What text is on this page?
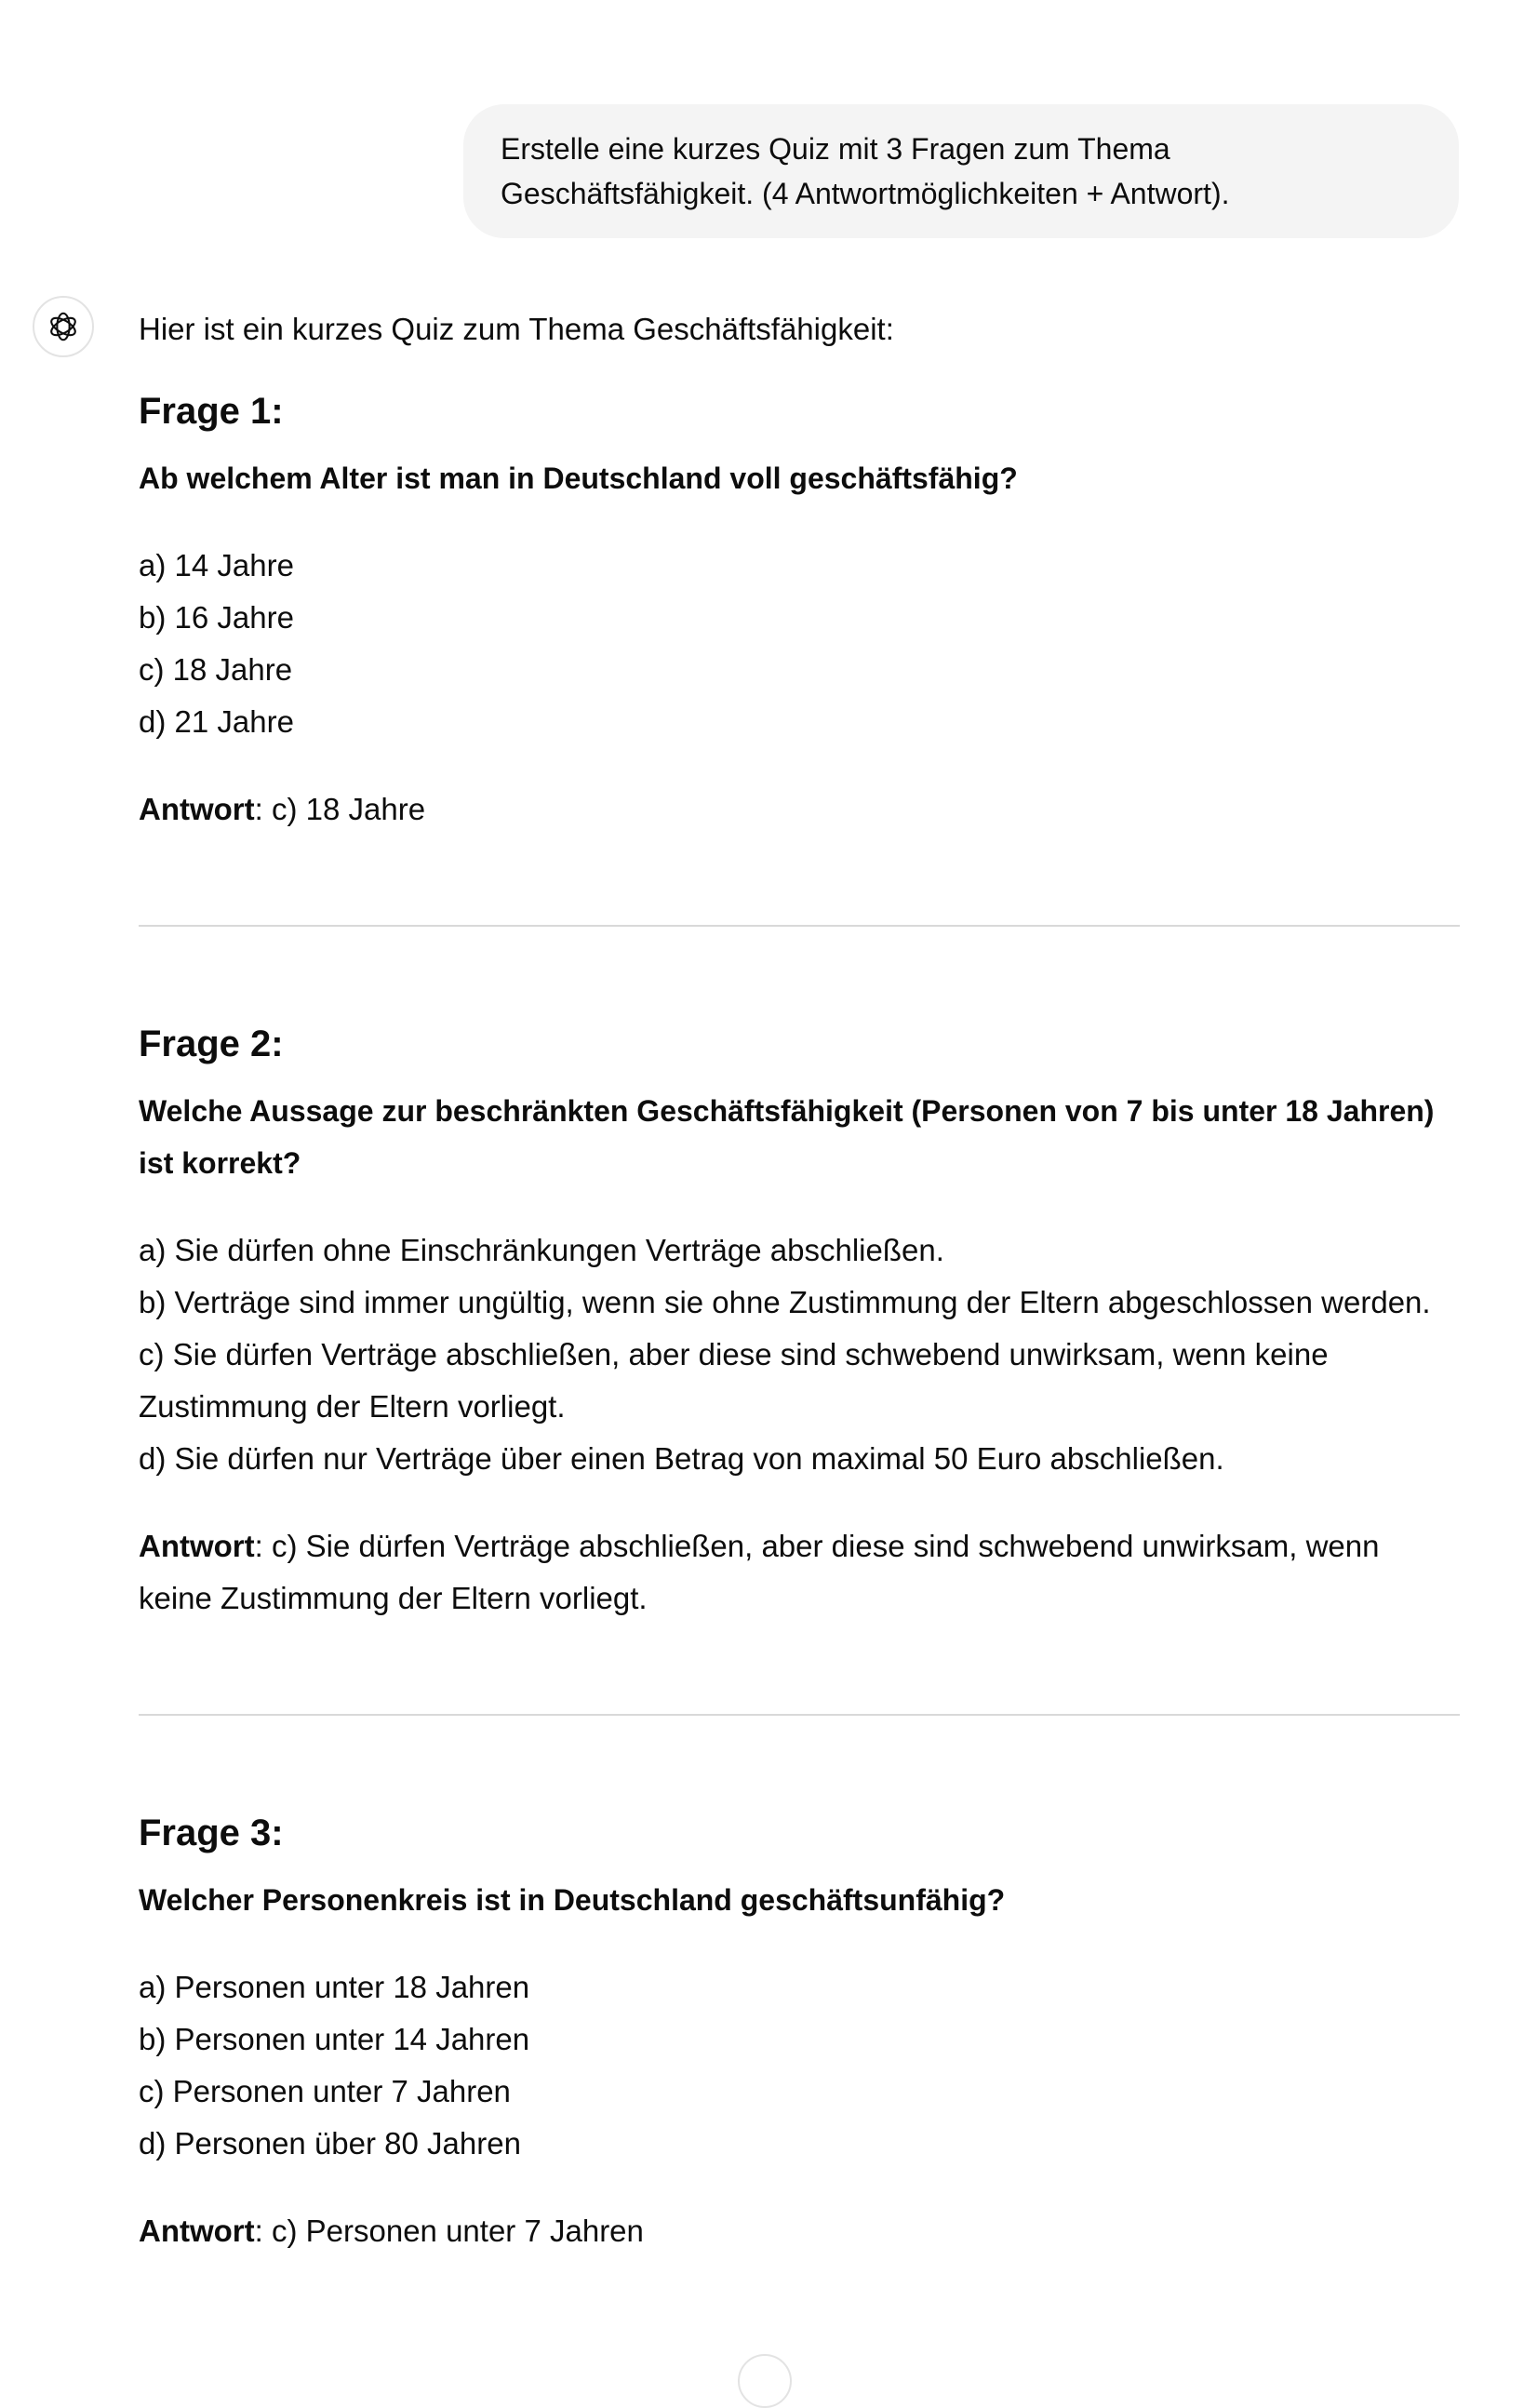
Erstelle eine kurzes Quiz mit 3 Fragen zum Thema Geschäftsfähigkeit. (4 Antwortmöglichkeiten + Antwort).

Hier ist ein kurzes Quiz zum Thema Geschäftsfähigkeit:

Frage 1:

Ab welchem Alter ist man in Deutschland voll geschäftsfähig?

a) 14 Jahre
b) 16 Jahre
c) 18 Jahre
d) 21 Jahre

Antwort: c) 18 Jahre

Frage 2:

Welche Aussage zur beschränkten Geschäftsfähigkeit (Personen von 7 bis unter 18 Jahren) ist korrekt?

a) Sie dürfen ohne Einschränkungen Verträge abschließen.
b) Verträge sind immer ungültig, wenn sie ohne Zustimmung der Eltern abgeschlossen werden.
c) Sie dürfen Verträge abschließen, aber diese sind schwebend unwirksam, wenn keine Zustimmung der Eltern vorliegt.
d) Sie dürfen nur Verträge über einen Betrag von maximal 50 Euro abschließen.

Antwort: c) Sie dürfen Verträge abschließen, aber diese sind schwebend unwirksam, wenn keine Zustimmung der Eltern vorliegt.

Frage 3:

Welcher Personenkreis ist in Deutschland geschäftsunfähig?

a) Personen unter 18 Jahren
b) Personen unter 14 Jahren
c) Personen unter 7 Jahren
d) Personen über 80 Jahren

Antwort: c) Personen unter 7 Jahren
